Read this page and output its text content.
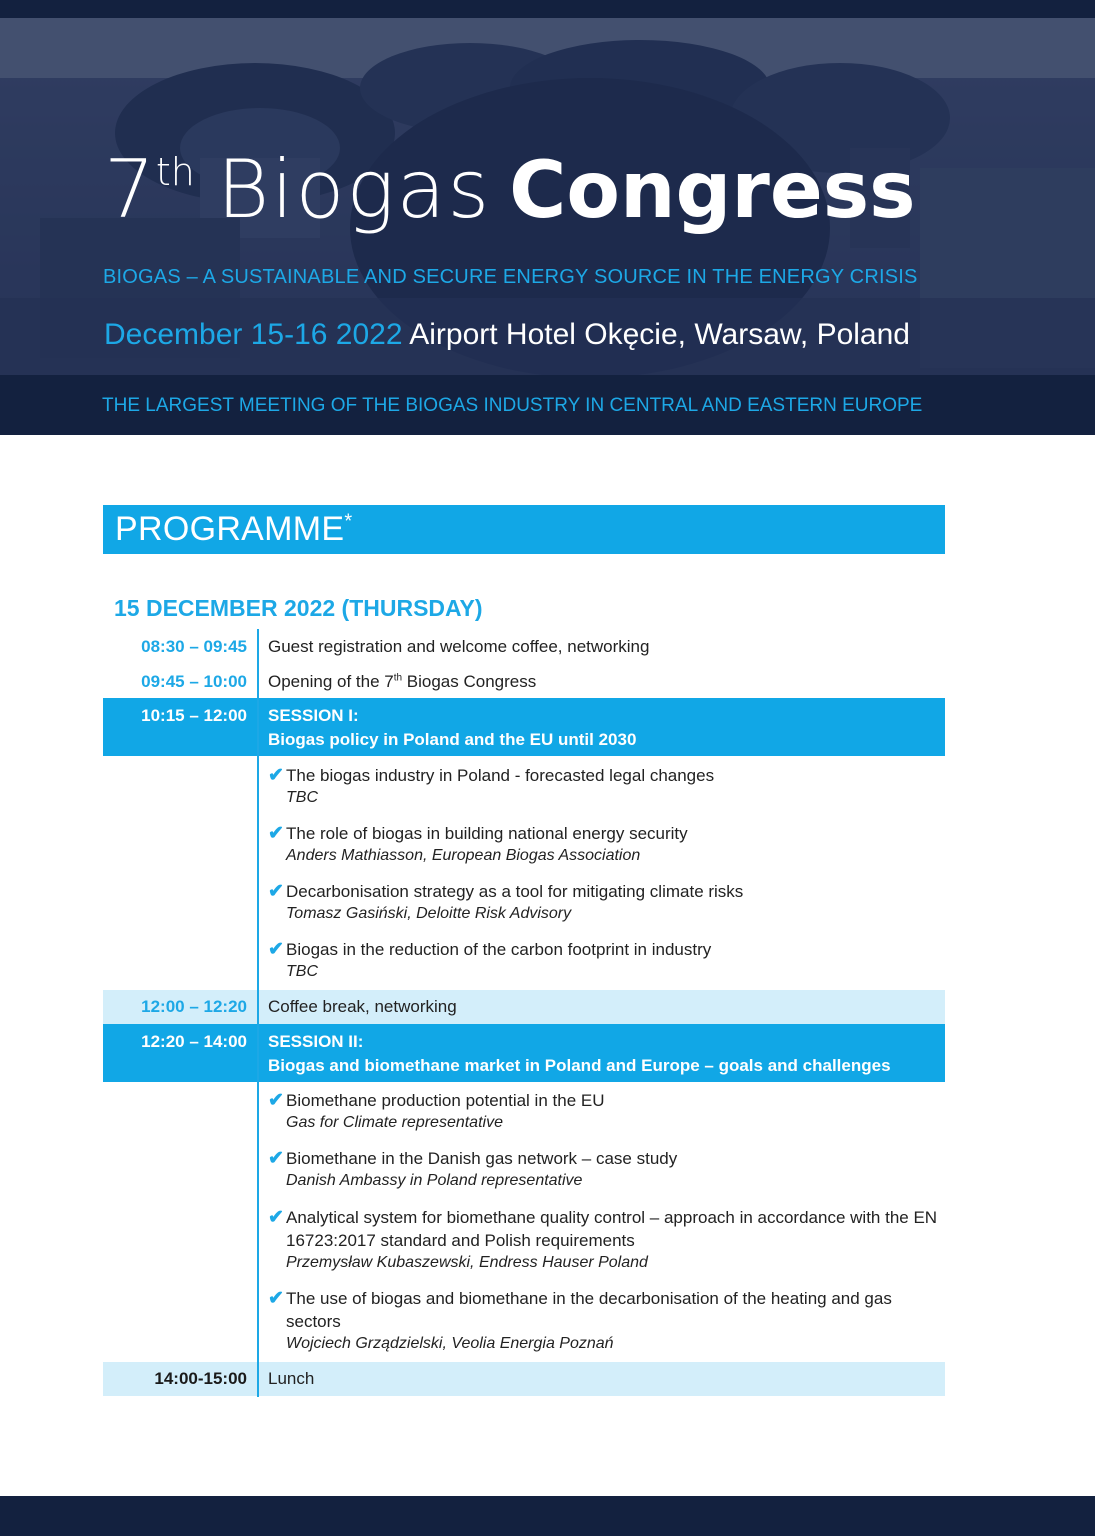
7th Biogas Congress
BIOGAS – A SUSTAINABLE AND SECURE ENERGY SOURCE IN THE ENERGY CRISIS
December 15-16 2022 Airport Hotel Okęcie, Warsaw, Poland
THE LARGEST MEETING OF THE BIOGAS INDUSTRY IN CENTRAL AND EASTERN EUROPE
PROGRAMME*
15 DECEMBER 2022 (THURSDAY)
08:30 – 09:45 Guest registration and welcome coffee, networking
09:45 – 10:00 Opening of the 7th Biogas Congress
10:15 – 12:00 SESSION I:
Biogas policy in Poland and the EU until 2030
✔ The biogas industry in Poland - forecasted legal changes
TBC
✔ The role of biogas in building national energy security
Anders Mathiasson, European Biogas Association
✔ Decarbonisation strategy as a tool for mitigating climate risks
Tomasz Gasiński, Deloitte Risk Advisory
✔ Biogas in the reduction of the carbon footprint in industry
TBC
12:00 – 12:20 Coffee break, networking
12:20 – 14:00 SESSION II:
Biogas and biomethane market in Poland and Europe – goals and challenges
✔ Biomethane production potential in the EU
Gas for Climate representative
✔ Biomethane in the Danish gas network – case study
Danish Ambassy in Poland representative
✔ Analytical system for biomethane quality control – approach in accordance with the EN 16723:2017 standard and Polish requirements
Przemysław Kubaszewski, Endress Hauser Poland
✔ The use of biogas and biomethane in the decarbonisation of the heating and gas sectors
Wojciech Grządzielski, Veolia Energia Poznań
14:00-15:00 Lunch
